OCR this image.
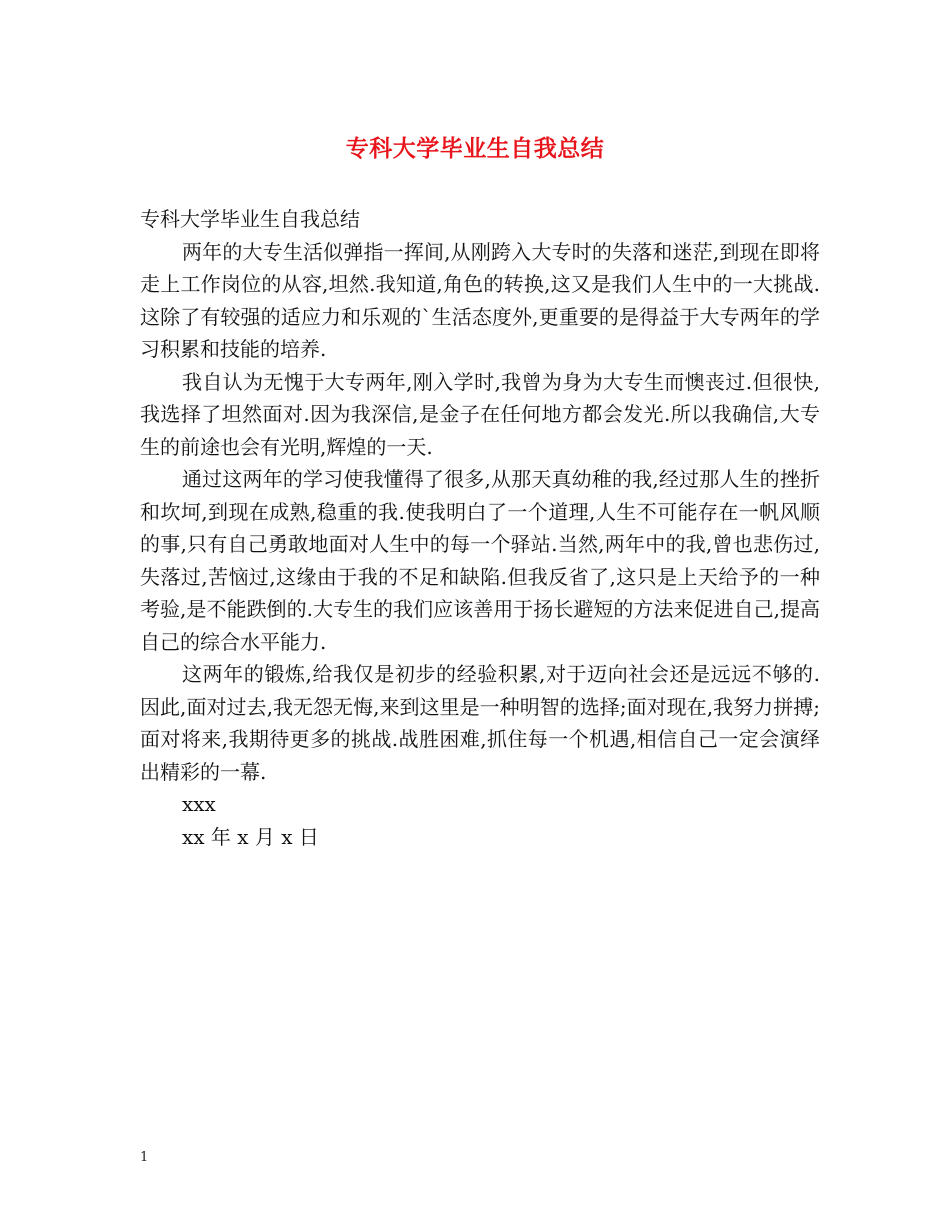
专科大学毕业生自我总结

专科大学毕业生自我总结

两年的大专生活似弹指一挥间,从刚跨入大专时的失落和迷茫,到现在即将走上工作岗位的从容,坦然.我知道,角色的转换,这又是我们人生中的一大挑战.这除了有较强的适应力和乐观的`生活态度外,更重要的是得益于大专两年的学习积累和技能的培养.

我自认为无愧于大专两年,刚入学时,我曾为身为大专生而懊丧过.但很快,我选择了坦然面对.因为我深信,是金子在任何地方都会发光.所以我确信,大专生的前途也会有光明,辉煌的一天.

通过这两年的学习使我懂得了很多,从那天真幼稚的我,经过那人生的挫折和坎坷,到现在成熟,稳重的我.使我明白了一个道理,人生不可能存在一帆风顺的事,只有自己勇敢地面对人生中的每一个驿站.当然,两年中的我,曾也悲伤过,失落过,苦恼过,这缘由于我的不足和缺陷.但我反省了,这只是上天给予的一种考验,是不能跌倒的.大专生的我们应该善用于扬长避短的方法来促进自己,提高自己的综合水平能力.

这两年的锻炼,给我仅是初步的经验积累,对于迈向社会还是远远不够的.因此,面对过去,我无怨无悔,来到这里是一种明智的选择;面对现在,我努力拼搏;面对将来,我期待更多的挑战.战胜困难,抓住每一个机遇,相信自己一定会演绎出精彩的一幕.

xxx

xx 年 x 月 x 日

1
